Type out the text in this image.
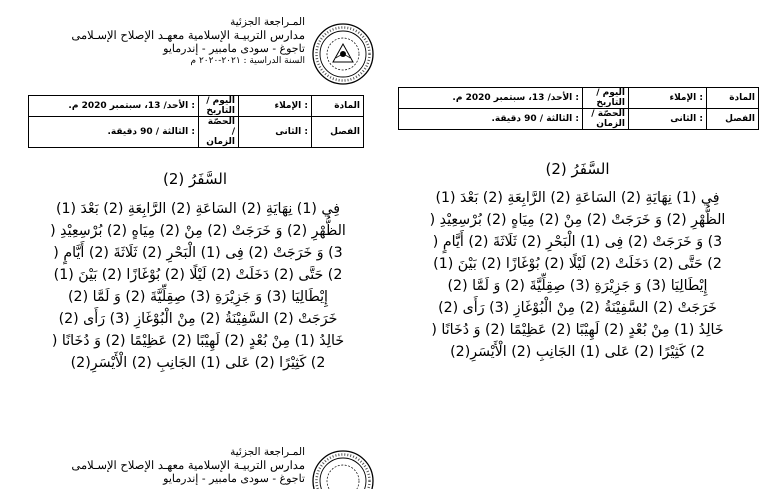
المـراجعة الجزئية
مدارس التربيـة الإسلامية معهـد الإصلاح الإسـلامى
تاجوغ - سودى مامبير - إندرمايو
السنة الدراسية : ٢٠٢١-٢٠٢٠ م
المادة	: الإملاء	اليوم / التاريخ	: الأحد/ 13، سبتمبر 2020 م.
الفصل	: الثانى	الحصّة / الزمان	: الثالثة / 90 دقيقة.
السَّفَرُ (2)
فِي (1) نِهَايَةِ (2) السَاعَةِ (2) الرَّابِعَةِ (2) بَعْدَ (1)
الظُّهْرِ (2) وَ خَرَجَتْ (2) مِنْ (2) مِيَاهٍ (2) بُرْسِعِيْدِ (
3) وَ خَرَجَتْ (2) فِى (1) الْبَحْرِ (2) ثَلَاثَةَ (2) أَيَّامٍ (
2) حَتَّى (2) دَخَلَتْ (2) لَيْلًا (2) بُوْغَازًا (2) بَيْنَ (1)
إِيْطَالِيَا (3) وَ جَزِيْرَةِ (3) صِقِلِّيَّةَ (2) وَ لَمَّا (2)
خَرَجَتْ (2) السَّفِيْنَةُ (2) مِنْ الْبُوْغَازِ (3) رَأَى (2)
خَالِدُ (1) مِنْ بُعْدٍ (2) لَهِيْبًا (2) عَظِيْمًا (2) وَ دُخَانًا (
2) كَثِيْرًا (2) عَلى (1) الجَانِبِ (2) الْأَيْسَرِ(2)
المادة	: الإملاء	اليوم / التاريخ	: الأحد/ 13، سبتمبر 2020 م.
الفصل	: الثانى	الحصّة / الزمان	: الثالثة / 90 دقيقة.
السَّفَرُ (2)
فِي (1) نِهَايَةِ (2) السَاعَةِ (2) الرَّابِعَةِ (2) بَعْدَ (1)
الظُّهْرِ (2) وَ خَرَجَتْ (2) مِنْ (2) مِيَاهٍ (2) بُرْسِعِيْدِ (
3) وَ خَرَجَتْ (2) فِى (1) الْبَحْرِ (2) ثَلَاثَةَ (2) أَيَّامٍ (
2) حَتَّى (2) دَخَلَتْ (2) لَيْلًا (2) بُوْغَازًا (2) بَيْنَ (1)
إِيْطَالِيَا (3) وَ جَزِيْرَةِ (3) صِقِلِّيَّةَ (2) وَ لَمَّا (2)
خَرَجَتْ (2) السَّفِيْنَةُ (2) مِنْ الْبُوْغَازِ (3) رَأَى (2)
خَالِدُ (1) مِنْ بُعْدٍ (2) لَهِيْبًا (2) عَظِيْمًا (2) وَ دُخَانًا (
2) كَثِيْرًا (2) عَلى (1) الجَانِبِ (2) الْأَيْسَرِ(2)
المـراجعة الجزئية
مدارس التربيـة الإسلامية معهـد الإصلاح الإسـلامى
تاجوغ - سودى مامبير - إندرمايو
